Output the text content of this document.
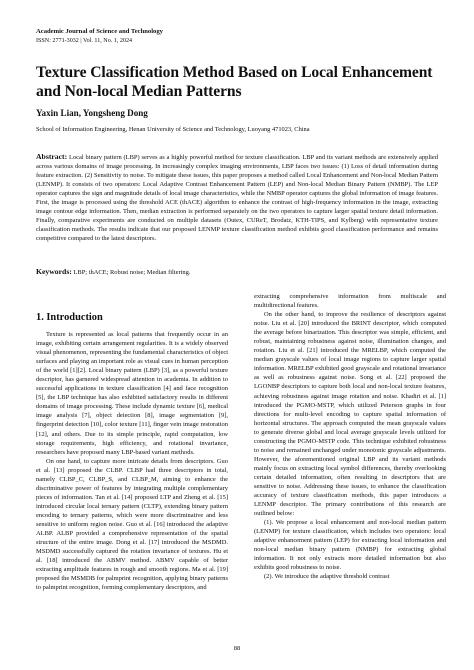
Academic Journal of Science and Technology
ISSN: 2771-3032 | Vol. 11, No. 1, 2024
Texture Classification Method Based on Local Enhancement and Non-local Median Patterns
Yaxin Lian, Yongsheng Dong
School of Information Engineering, Henan University of Science and Technology, Luoyang 471023, China
Abstract: Local binary pattern (LBP) serves as a highly powerful method for texture classification. LBP and its variant methods are extensively applied across various domains of image processing. In increasingly complex imaging environments, LBP faces two issues: (1) Loss of detail information during feature extraction. (2) Sensitivity to noise. To mitigate these issues, this paper proposes a method called Local Enhancement and Non-local Median Pattern (LENMP). It consists of two operators: Local Adaptive Contrast Enhancement Pattern (LEP) and Non-local Median Binary Pattern (NMBP). The LEP operator captures the sign and magnitude details of local image characteristics, while the NMBP operator captures the global information of image features. First, the image is processed using the threshold ACE (thACE) algorithm to enhance the contrast of high-frequency information in the image, extracting image contour edge information. Then, median extraction is performed separately on the two operators to capture larger spatial texture detail information. Finally, comparative experiments are conducted on multiple datasets (Outex, CUReT, Brodatz, KTH-TIPS, and Kylberg) with representative texture classification methods. The results indicate that our proposed LENMP texture classification method exhibits good classification performance and remains competitive compared to the latest descriptors.
Keywords: LBP; thACE; Robust noise; Median filtering.
1. Introduction

Texture is represented as local patterns that frequently occur in an image, exhibiting certain arrangement regularities. It is a widely observed visual phenomenon, representing the fundamental characteristics of object surfaces and playing an important role as visual cues in human perception of the world [1][2]. Local binary pattern (LBP) [3], as a powerful texture descriptor, has garnered widespread attention in academia. In addition to successful applications in texture classification [4] and face recognition [5], the LBP technique has also exhibited satisfactory results in different domains of image processing. These include dynamic texture [6], medical image analysis [7], object detection [8], image segmentation [9], fingerprint detection [10], color texture [11], finger vein image restoration [12], and others. Due to its simple principle, rapid computation, low storage requirements, high efficiency, and rotational invariance, researchers have proposed many LBP-based variant methods.

On one hand, to capture more intricate details from descriptors. Guo et al. [13] proposed the CLBP. CLBP had three descriptors in total, namely CLBP_C, CLBP_S, and CLBP_M, aiming to enhance the discriminative power of features by integrating multiple complementary pieces of information. Tan et al. [14] proposed LTP and Zheng et al. [15] introduced circular local ternary pattern (CLTP), extending binary pattern encoding to ternary patterns, which were more discriminative and less sensitive to uniform region noise. Guo et al. [16] introduced the adaptive ALBP. ALBP provided a comprehensive representation of the spatial structure of the entire image. Dong et al. [17] introduced the MSDMD. MSDMD successfully captured the rotation invariance of textures. Hu et al. [18] introduced the ABMV method. ABMV capable of better extracting amplitude features in rough and smooth regions. Ma et al. [19] proposed the MSMDB for palmprint recognition, applying binary patterns to palmprint recognition, forming complementary descriptors, and

extracting comprehensive information from multiscale and multidirectional features.

On the other hand, to improve the resilience of descriptors against noise. Liu et al. [20] introduced the BRINT descriptor, which computed the average before binarization. This descriptor was simple, efficient, and robust, maintaining robustness against noise, illumination changes, and rotation. Liu et al. [21] introduced the MRELBP, which computed the median grayscale values of local image regions to capture larger spatial information. MRELBP exhibited good grayscale and rotational invariance as well as robustness against noise. Song et al. [22] proposed the LGONBP descriptors to capture both local and non-local texture features, achieving robustness against image rotation and noise. Khadiri et al. [1] introduced the PGMO-MSTP, which utilized Peterson graphs in four directions for multi-level encoding to capture spatial information of horizontal structures. The approach computed the mean grayscale values to generate diverse global and local average grayscale levels utilized for constructing the PGMO-MSTP code. This technique exhibited robustness to noise and remained unchanged under monotonic grayscale adjustments. However, the aforementioned original LBP and its variant methods mainly focus on extracting local symbol differences, thereby overlooking certain detailed information, often resulting in descriptors that are sensitive to noise. Addressing these issues, to enhance the classification accuracy of texture classification methods, this paper introduces a LENMP descriptor. The primary contributions of this research are outlined below:

(1). We propose a local enhancement and non-local median pattern (LENMP) for texture classification, which includes two operators: local adaptive enhancement pattern (LEP) for extracting local information and non-local median binary pattern (NMBP) for extracting global information. It not only extracts more detailed information but also exhibits good robustness to noise.

(2). We introduce the adaptive threshold contrast

88
